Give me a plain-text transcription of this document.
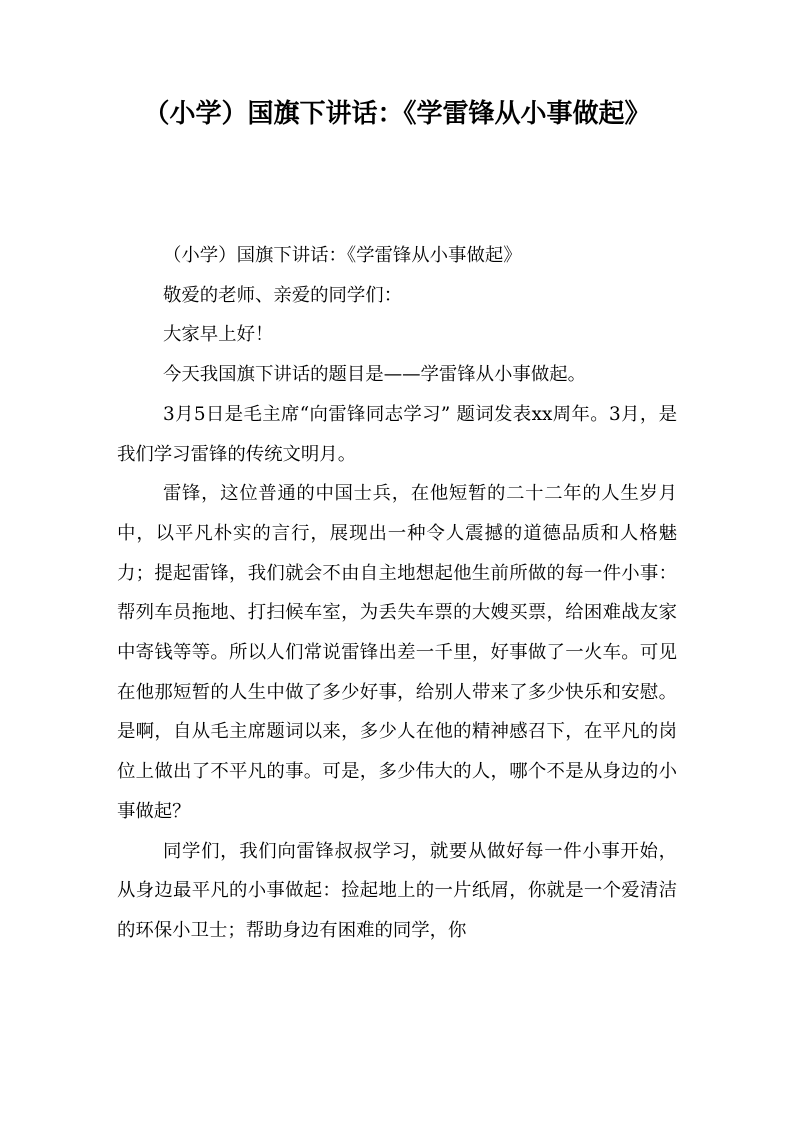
（小学）国旗下讲话：《学雷锋从小事做起》

（小学）国旗下讲话：《学雷锋从小事做起》

敬爱的老师、亲爱的同学们：

大家早上好！

今天我国旗下讲话的题目是——学雷锋从小事做起。

3月5日是毛主席“向雷锋同志学习” 题词发表xx周年。3月，是我们学习雷锋的传统文明月。

雷锋，这位普通的中国士兵，在他短暂的二十二年的人生岁月中，以平凡朴实的言行，展现出一种令人震撼的道德品质和人格魅力；提起雷锋，我们就会不由自主地想起他生前所做的每一件小事：帮列车员拖地、打扫候车室，为丢失车票的大嫂买票，给困难战友家中寄钱等等。所以人们常说雷锋出差一千里，好事做了一火车。可见在他那短暂的人生中做了多少好事，给别人带来了多少快乐和安慰。是啊，自从毛主席题词以来，多少人在他的精神感召下，在平凡的岗位上做出了不平凡的事。可是，多少伟大的人，哪个不是从身边的小事做起？

同学们，我们向雷锋叔叔学习，就要从做好每一件小事开始，从身边最平凡的小事做起：捡起地上的一片纸屑，你就是一个爱清洁的环保小卫士；帮助身边有困难的同学，你
